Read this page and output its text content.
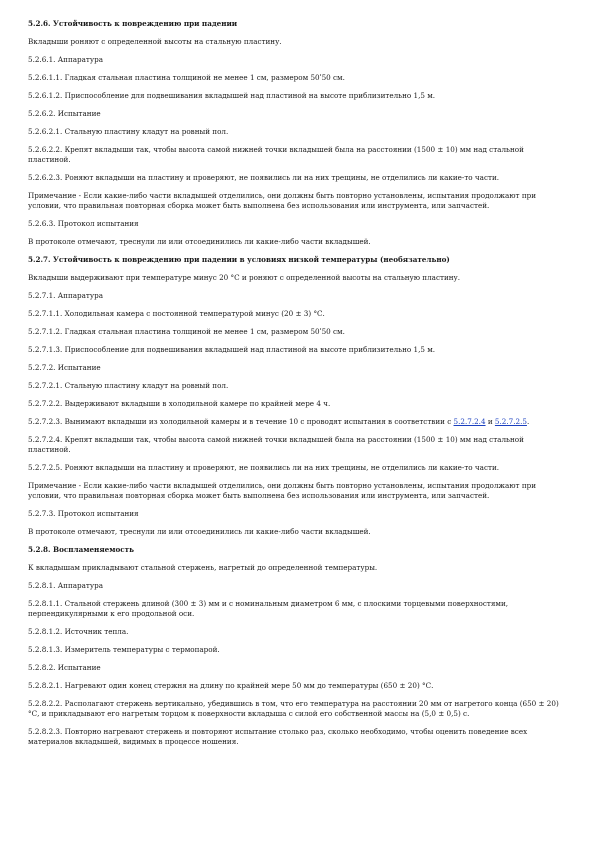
5.2.6. Устойчивость к повреждению при падении

Вкладыши роняют с определенной высоты на стальную пластину.

5.2.6.1. Аппаратура

5.2.6.1.1. Гладкая стальная пластина толщиной не менее 1 см, размером 50ʹ50 см.

5.2.6.1.2. Приспособление для подвешивания вкладышей над пластиной на высоте приблизительно 1,5 м.

5.2.6.2. Испытание

5.2.6.2.1. Стальную пластину кладут на ровный пол.

5.2.6.2.2. Крепят вкладыши так, чтобы высота самой нижней точки вкладышей была на расстоянии (1500 ± 10) мм над стальной пластиной.

5.2.6.2.3. Роняют вкладыши на пластину и проверяют, не появились ли на них трещины, не отделились ли какие-то части.

Примечание - Если какие-либо части вкладышей отделились, они должны быть повторно установлены, испытания продолжают при условии, что правильная повторная сборка может быть выполнена без использования или инструмента, или запчастей.

5.2.6.3. Протокол испытания

В протоколе отмечают, треснули ли или отсоединились ли какие-либо части вкладышей.

5.2.7. Устойчивость к повреждению при падении в условиях низкой температуры (необязательно)

Вкладыши выдерживают при температуре минус 20 °С и роняют с определенной высоты на стальную пластину.

5.2.7.1. Аппаратура

5.2.7.1.1. Холодильная камера с постоянной температурой минус (20 ± 3) °С.

5.2.7.1.2. Гладкая стальная пластина толщиной не менее 1 см, размером 50ʹ50 см.

5.2.7.1.3. Приспособление для подвешивания вкладышей над пластиной на высоте приблизительно 1,5 м.

5.2.7.2. Испытание

5.2.7.2.1. Стальную пластину кладут на ровный пол.

5.2.7.2.2. Выдерживают вкладыши в холодильной камере по крайней мере 4 ч.

5.2.7.2.3. Вынимают вкладыши из холодильной камеры и в течение 10 с проводят испытания в соответствии с 5.2.7.2.4 и 5.2.7.2.5.

5.2.7.2.4. Крепят вкладыши так, чтобы высота самой нижней точки вкладышей была на расстоянии (1500 ± 10) мм над стальной пластиной.

5.2.7.2.5. Роняют вкладыши на пластину и проверяют, не появились ли на них трещины, не отделились ли какие-то части.

Примечание - Если какие-либо части вкладышей отделились, они должны быть повторно установлены, испытания продолжают при условии, что правильная повторная сборка может быть выполнена без использования или инструмента, или запчастей.

5.2.7.3. Протокол испытания

В протоколе отмечают, треснули ли или отсоединились ли какие-либо части вкладышей.

5.2.8. Воспламеняемость

К вкладышам прикладывают стальной стержень, нагретый до определенной температуры.

5.2.8.1. Аппаратура

5.2.8.1.1. Стальной стержень длиной (300 ± 3) мм и с номинальным диаметром 6 мм, с плоскими торцевыми поверхностями, перпендикулярными к его продольной оси.

5.2.8.1.2. Источник тепла.

5.2.8.1.3. Измеритель температуры с термопарой.

5.2.8.2. Испытание

5.2.8.2.1. Нагревают один конец стержня на длину по крайней мере 50 мм до температуры (650 ± 20) °С.

5.2.8.2.2. Располагают стержень вертикально, убедившись в том, что его температура на расстоянии 20 мм от нагретого конца (650 ± 20) °С, и прикладывают его нагретым торцом к поверхности вкладыша с силой его собственной массы на (5,0 ± 0,5) с.

5.2.8.2.3. Повторно нагревают стержень и повторяют испытание столько раз, сколько необходимо, чтобы оценить поведение всех материалов вкладышей, видимых в процессе ношения.
